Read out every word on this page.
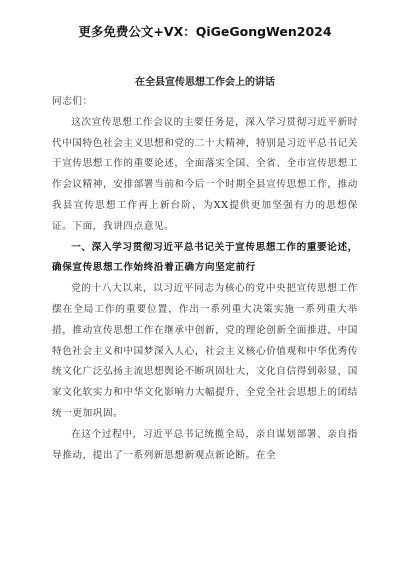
更多免费公文+VX：QiGeGongWen2024
在全县宣传思想工作会上的讲话

同志们：

这次宣传思想工作会议的主要任务是，深入学习贯彻习近平新时代中国特色社会主义思想和党的二十大精神，特别是习近平总书记关于宣传思想工作的重要论述，全面落实全国、全省、全市宣传思想工作会议精神，安排部署当前和今后一个时期全县宣传思想工作，推动我县宣传思想工作再上新台阶，为XX提供更加坚强有力的思想保证。下面，我讲四点意见。

一、深入学习贯彻习近平总书记关于宣传思想工作的重要论述，确保宣传思想工作始终沿着正确方向坚定前行

党的十八大以来，以习近平同志为核心的党中央把宣传思想工作摆在全局工作的重要位置，作出一系列重大决策实施一系列重大举措，推动宣传思想工作在继承中创新，党的理论创新全面推进，中国特色社会主义和中国梦深入人心，社会主义核心价值观和中华优秀传统文化广泛弘扬主流思想舆论不断巩固壮大，文化自信得到彰显，国家文化软实力和中华文化影响力大幅提升，全党全社会思想上的团结统一更加巩固。

在这个过程中，习近平总书记统揽全局，亲自谋划部署、亲自指导推动，提出了一系列新思想新观点新论断。在全
